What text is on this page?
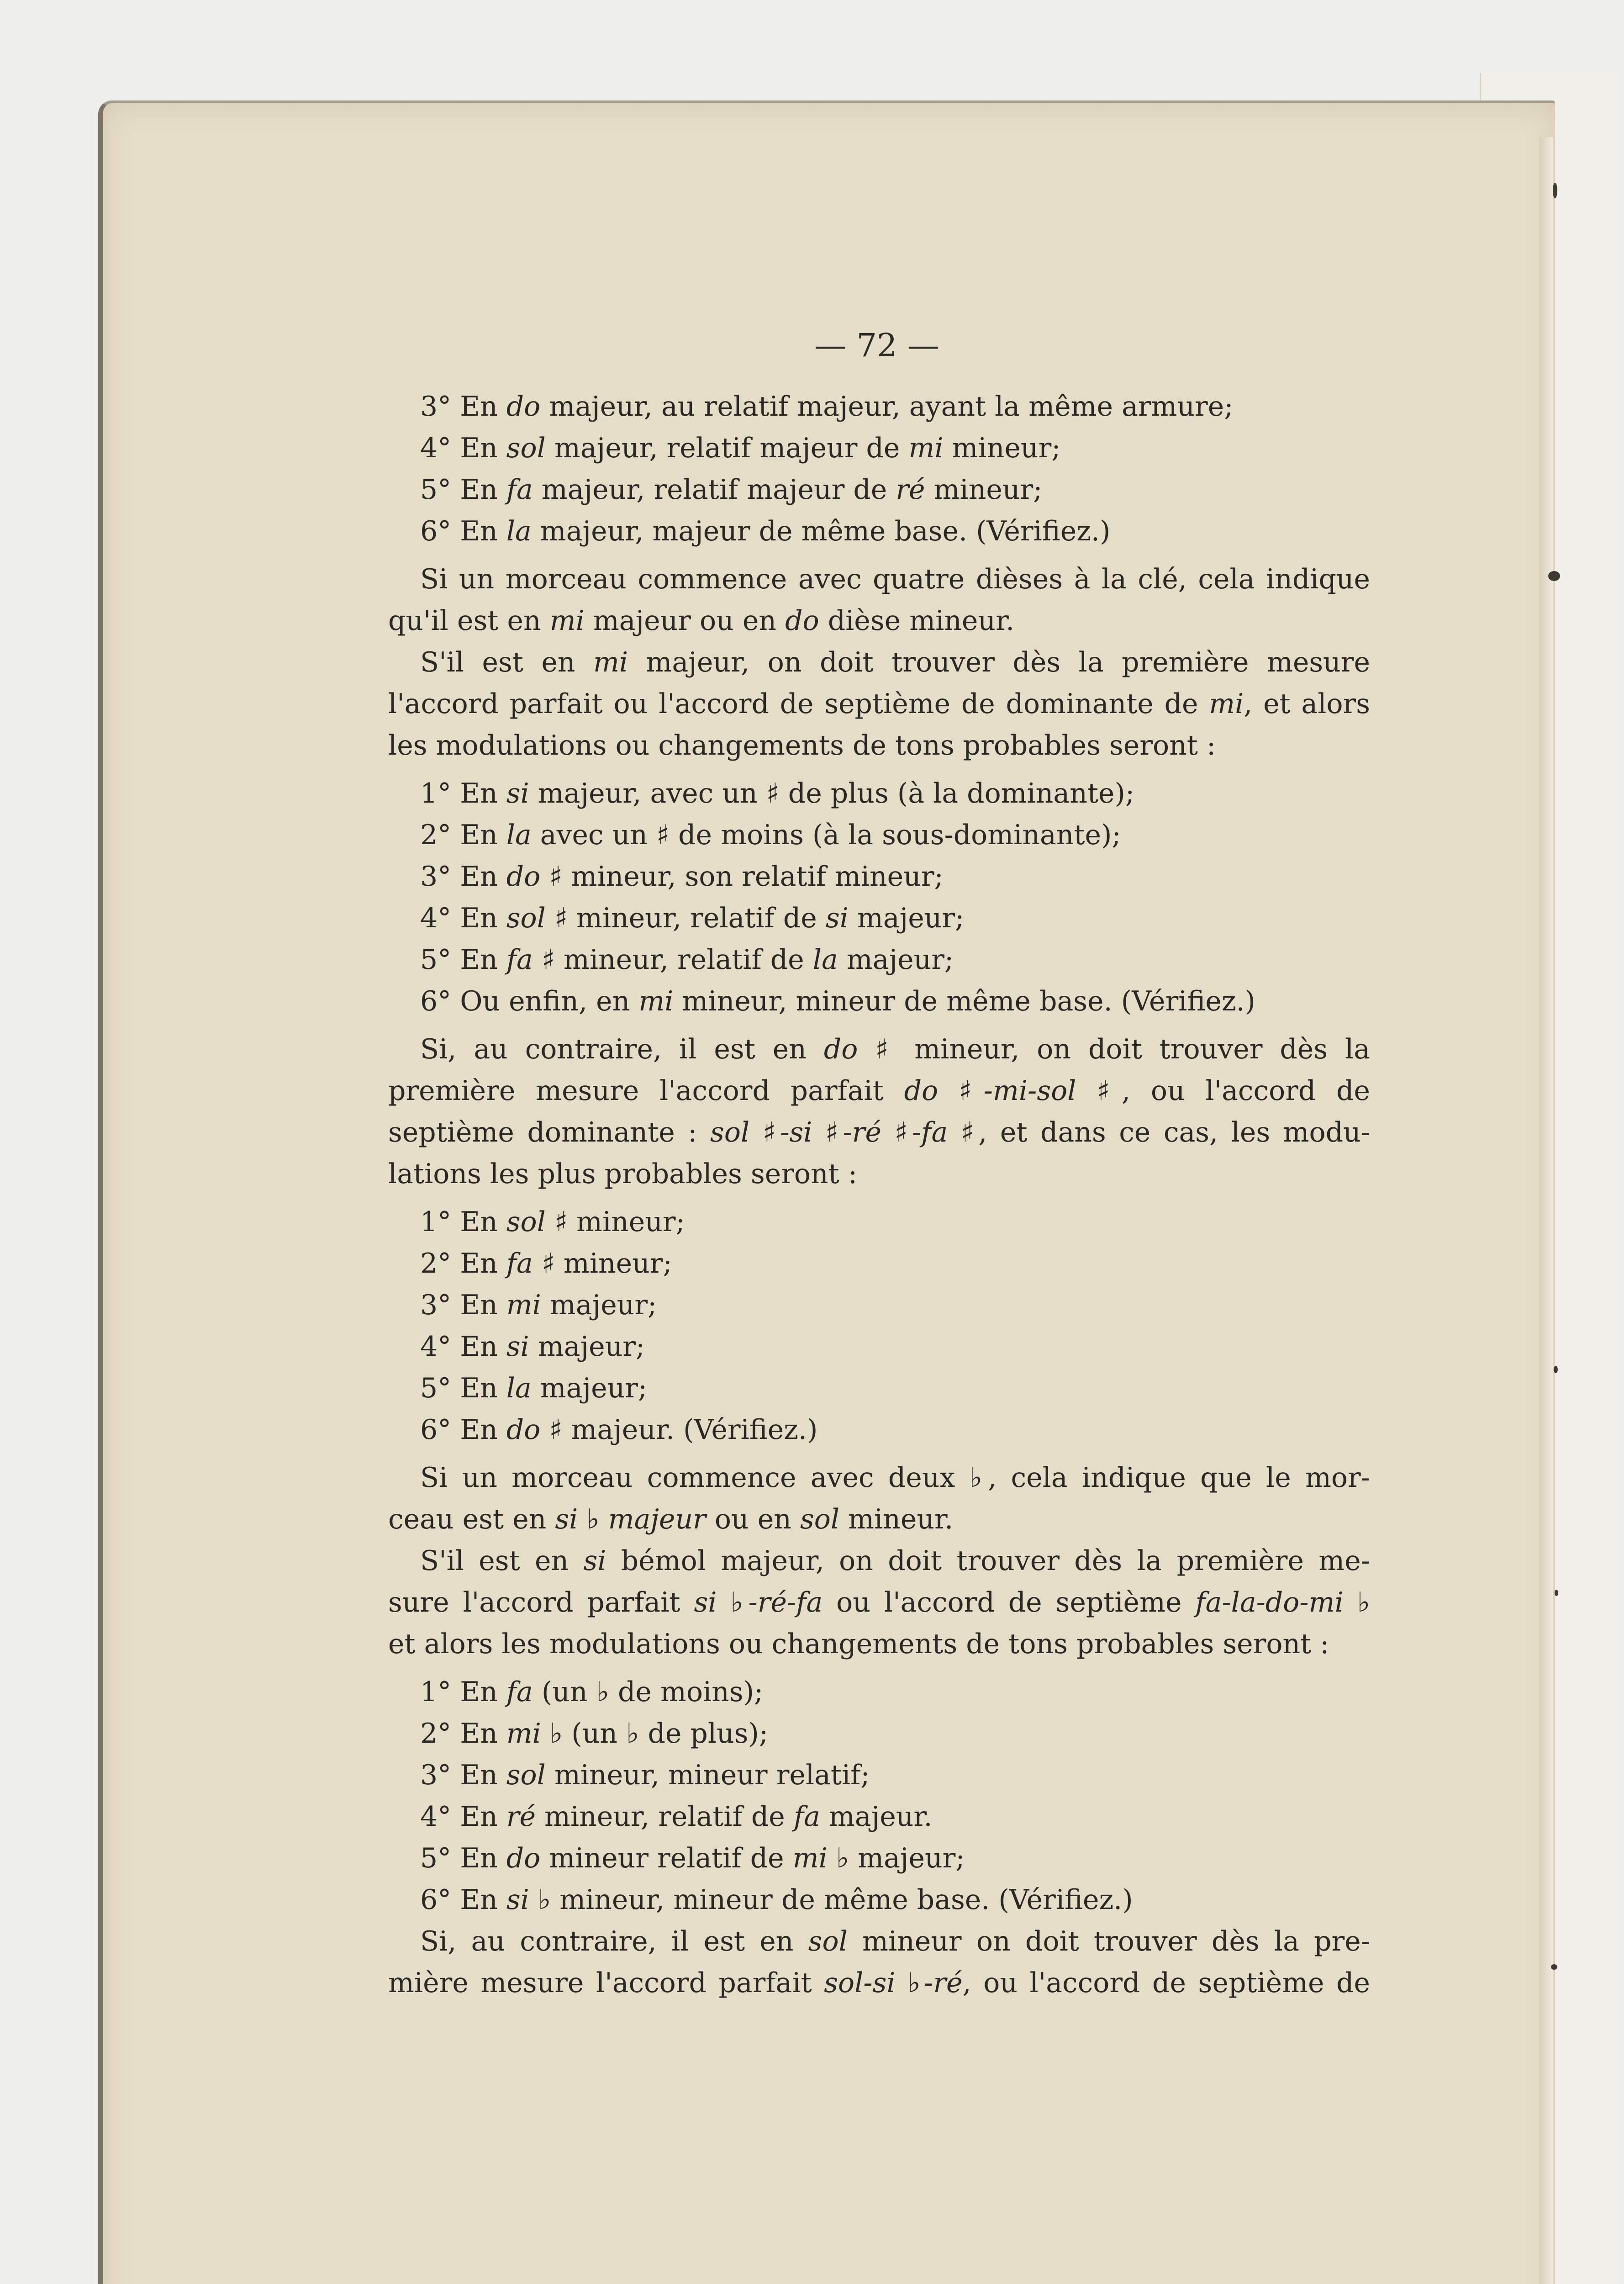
— 72 —
3° En do majeur, au relatif majeur, ayant la même armure;
4° En sol majeur, relatif majeur de mi mineur;
5° En fa majeur, relatif majeur de ré mineur;
6° En la majeur, majeur de même base. (Vérifiez.)
Si un morceau commence avec quatre dièses à la clé, cela indique
qu'il est en mi majeur ou en do dièse mineur.
S'il est en mi majeur, on doit trouver dès la première mesure
l'accord parfait ou l'accord de septième de dominante de mi, et alors
les modulations ou changements de tons probables seront :
1° En si majeur, avec un ♯ de plus (à la dominante);
2° En la avec un ♯ de moins (à la sous-dominante);
3° En do ♯ mineur, son relatif mineur;
4° En sol ♯ mineur, relatif de si majeur;
5° En fa ♯ mineur, relatif de la majeur;
6° Ou enfin, en mi mineur, mineur de même base. (Vérifiez.)
Si, au contraire, il est en do ♯ mineur, on doit trouver dès la
première mesure l'accord parfait do ♯-mi-sol ♯, ou l'accord de
septième dominante : sol ♯-si ♯-ré ♯-fa ♯, et dans ce cas, les modu-
lations les plus probables seront :
1° En sol ♯ mineur;
2° En fa ♯ mineur;
3° En mi majeur;
4° En si majeur;
5° En la majeur;
6° En do ♯ majeur. (Vérifiez.)
Si un morceau commence avec deux ♭, cela indique que le mor-
ceau est en si ♭ majeur ou en sol mineur.
S'il est en si bémol majeur, on doit trouver dès la première me-
sure l'accord parfait si ♭-ré-fa ou l'accord de septième fa-la-do-mi ♭
et alors les modulations ou changements de tons probables seront :
1° En fa (un ♭ de moins);
2° En mi ♭ (un ♭ de plus);
3° En sol mineur, mineur relatif;
4° En ré mineur, relatif de fa majeur.
5° En do mineur relatif de mi ♭ majeur;
6° En si ♭ mineur, mineur de même base. (Vérifiez.)
Si, au contraire, il est en sol mineur on doit trouver dès la pre-
mière mesure l'accord parfait sol-si ♭-ré, ou l'accord de septième de
